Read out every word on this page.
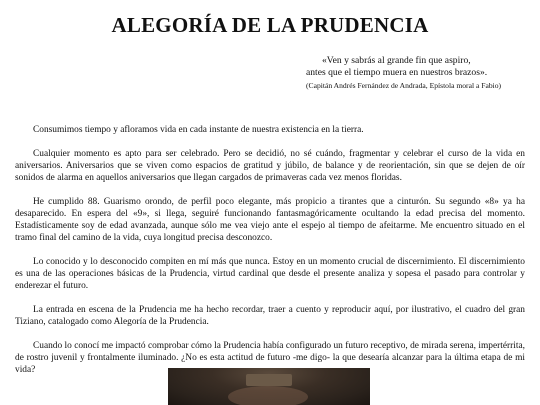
ALEGORÍA DE LA PRUDENCIA
«Ven y sabrás al grande fin que aspiro,
antes que el tiempo muera en nuestros brazos».
(Capitán Andrés Fernández de Andrada, Epístola moral a Fabio)

Consumimos tiempo y afloramos vida en cada instante de nuestra existencia en la tierra.

Cualquier momento es apto para ser celebrado. Pero se decidió, no sé cuándo, fragmentar y celebrar el curso de la vida en aniversarios. Aniversarios que se viven como espacios de gratitud y júbilo, de balance y de reorientación, sin que se dejen de oír sonidos de alarma en aquellos aniversarios que llegan cargados de primaveras cada vez menos floridas.

He cumplido 88. Guarismo orondo, de perfil poco elegante, más propicio a tirantes que a cinturón. Su segundo «8» ya ha desaparecido. En espera del «9», si llega, seguiré funcionando fantasmagóricamente ocultando la edad precisa del momento. Estadísticamente soy de edad avanzada, aunque sólo me vea viejo ante el espejo al tiempo de afeitarme. Me encuentro situado en el tramo final del camino de la vida, cuya longitud precisa desconozco.

Lo conocido y lo desconocido compiten en mí más que nunca. Estoy en un momento crucial de discernimiento. El discernimiento es una de las operaciones básicas de la Prudencia, virtud cardinal que desde el presente analiza y sopesa el pasado para controlar y enderezar el futuro.

La entrada en escena de la Prudencia me ha hecho recordar, traer a cuento y reproducir aquí, por ilustrativo, el cuadro del gran Tiziano, catalogado como Alegoría de la Prudencia.

Cuando lo conocí me impactó comprobar cómo la Prudencia había configurado un futuro receptivo, de mirada serena, impertérrita, de rostro juvenil y frontalmente iluminado. ¿No es esta actitud de futuro -me digo- la que desearía alcanzar para la última etapa de mi vida?
